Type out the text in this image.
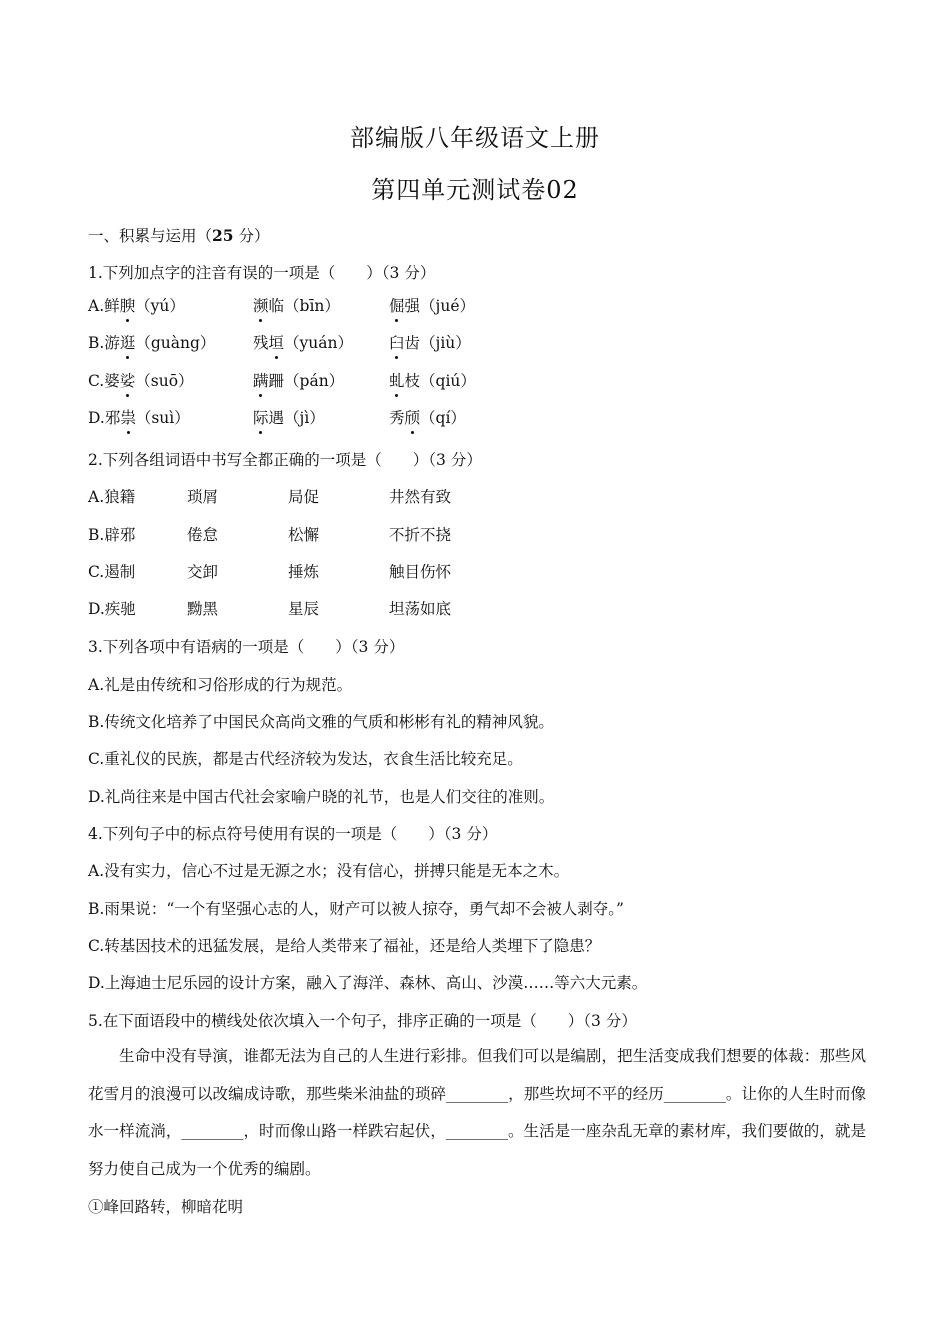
部编版八年级语文上册
第四单元测试卷02
一、积累与运用（25 分）
1.下列加点字的注音有误的一项是（　　）（3 分）
A.鲜腴（yú）	濒临（bīn）	倔强（jué）
B.游逛（guàng） 残垣（yuán） 臼齿（jiù）
C.婆娑（suō）	蹒跚（pán）	虬枝（qiú）
D.邪祟（suì）	际遇（jì）	秀颀（qí）
2.下列各组词语中书写全都正确的一项是（　　）（3 分）
A.狼籍	琐屑	局促	井然有致
B.辟邪	倦怠	松懈	不折不挠
C.遏制	交卸	捶炼	触目伤怀
D.疾驰	黝黑	星辰	坦荡如底
3.下列各项中有语病的一项是（　　）（3 分）
A.礼是由传统和习俗形成的行为规范。
B.传统文化培养了中国民众高尚文雅的气质和彬彬有礼的精神风貌。
C.重礼仪的民族，都是古代经济较为发达，衣食生活比较充足。
D.礼尚往来是中国古代社会家喻户晓的礼节，也是人们交往的准则。
4.下列句子中的标点符号使用有误的一项是（　　）（3 分）
A.没有实力，信心不过是无源之水；没有信心，拼搏只能是无本之木。
B.雨果说：“一个有坚强心志的人，财产可以被人掠夺，勇气却不会被人剥夺。”
C.转基因技术的迅猛发展，是给人类带来了福祉，还是给人类埋下了隐患？
D.上海迪士尼乐园的设计方案，融入了海洋、森林、高山、沙漠……等六大元素。
5.在下面语段中的横线处依次填入一个句子，排序正确的一项是（　　）（3 分）
生命中没有导演，谁都无法为自己的人生进行彩排。但我们可以是编剧，把生活变成我们想要的体裁：那些风花雪月的浪漫可以改编成诗歌，那些柴米油盐的琐碎________，那些坎坷不平的经历________。让你的人生时而像水一样流淌，________，时而像山路一样跌宕起伏，________。生活是一座杂乱无章的素材库，我们要做的，就是努力使自己成为一个优秀的编剧。
①峰回路转，柳暗花明
